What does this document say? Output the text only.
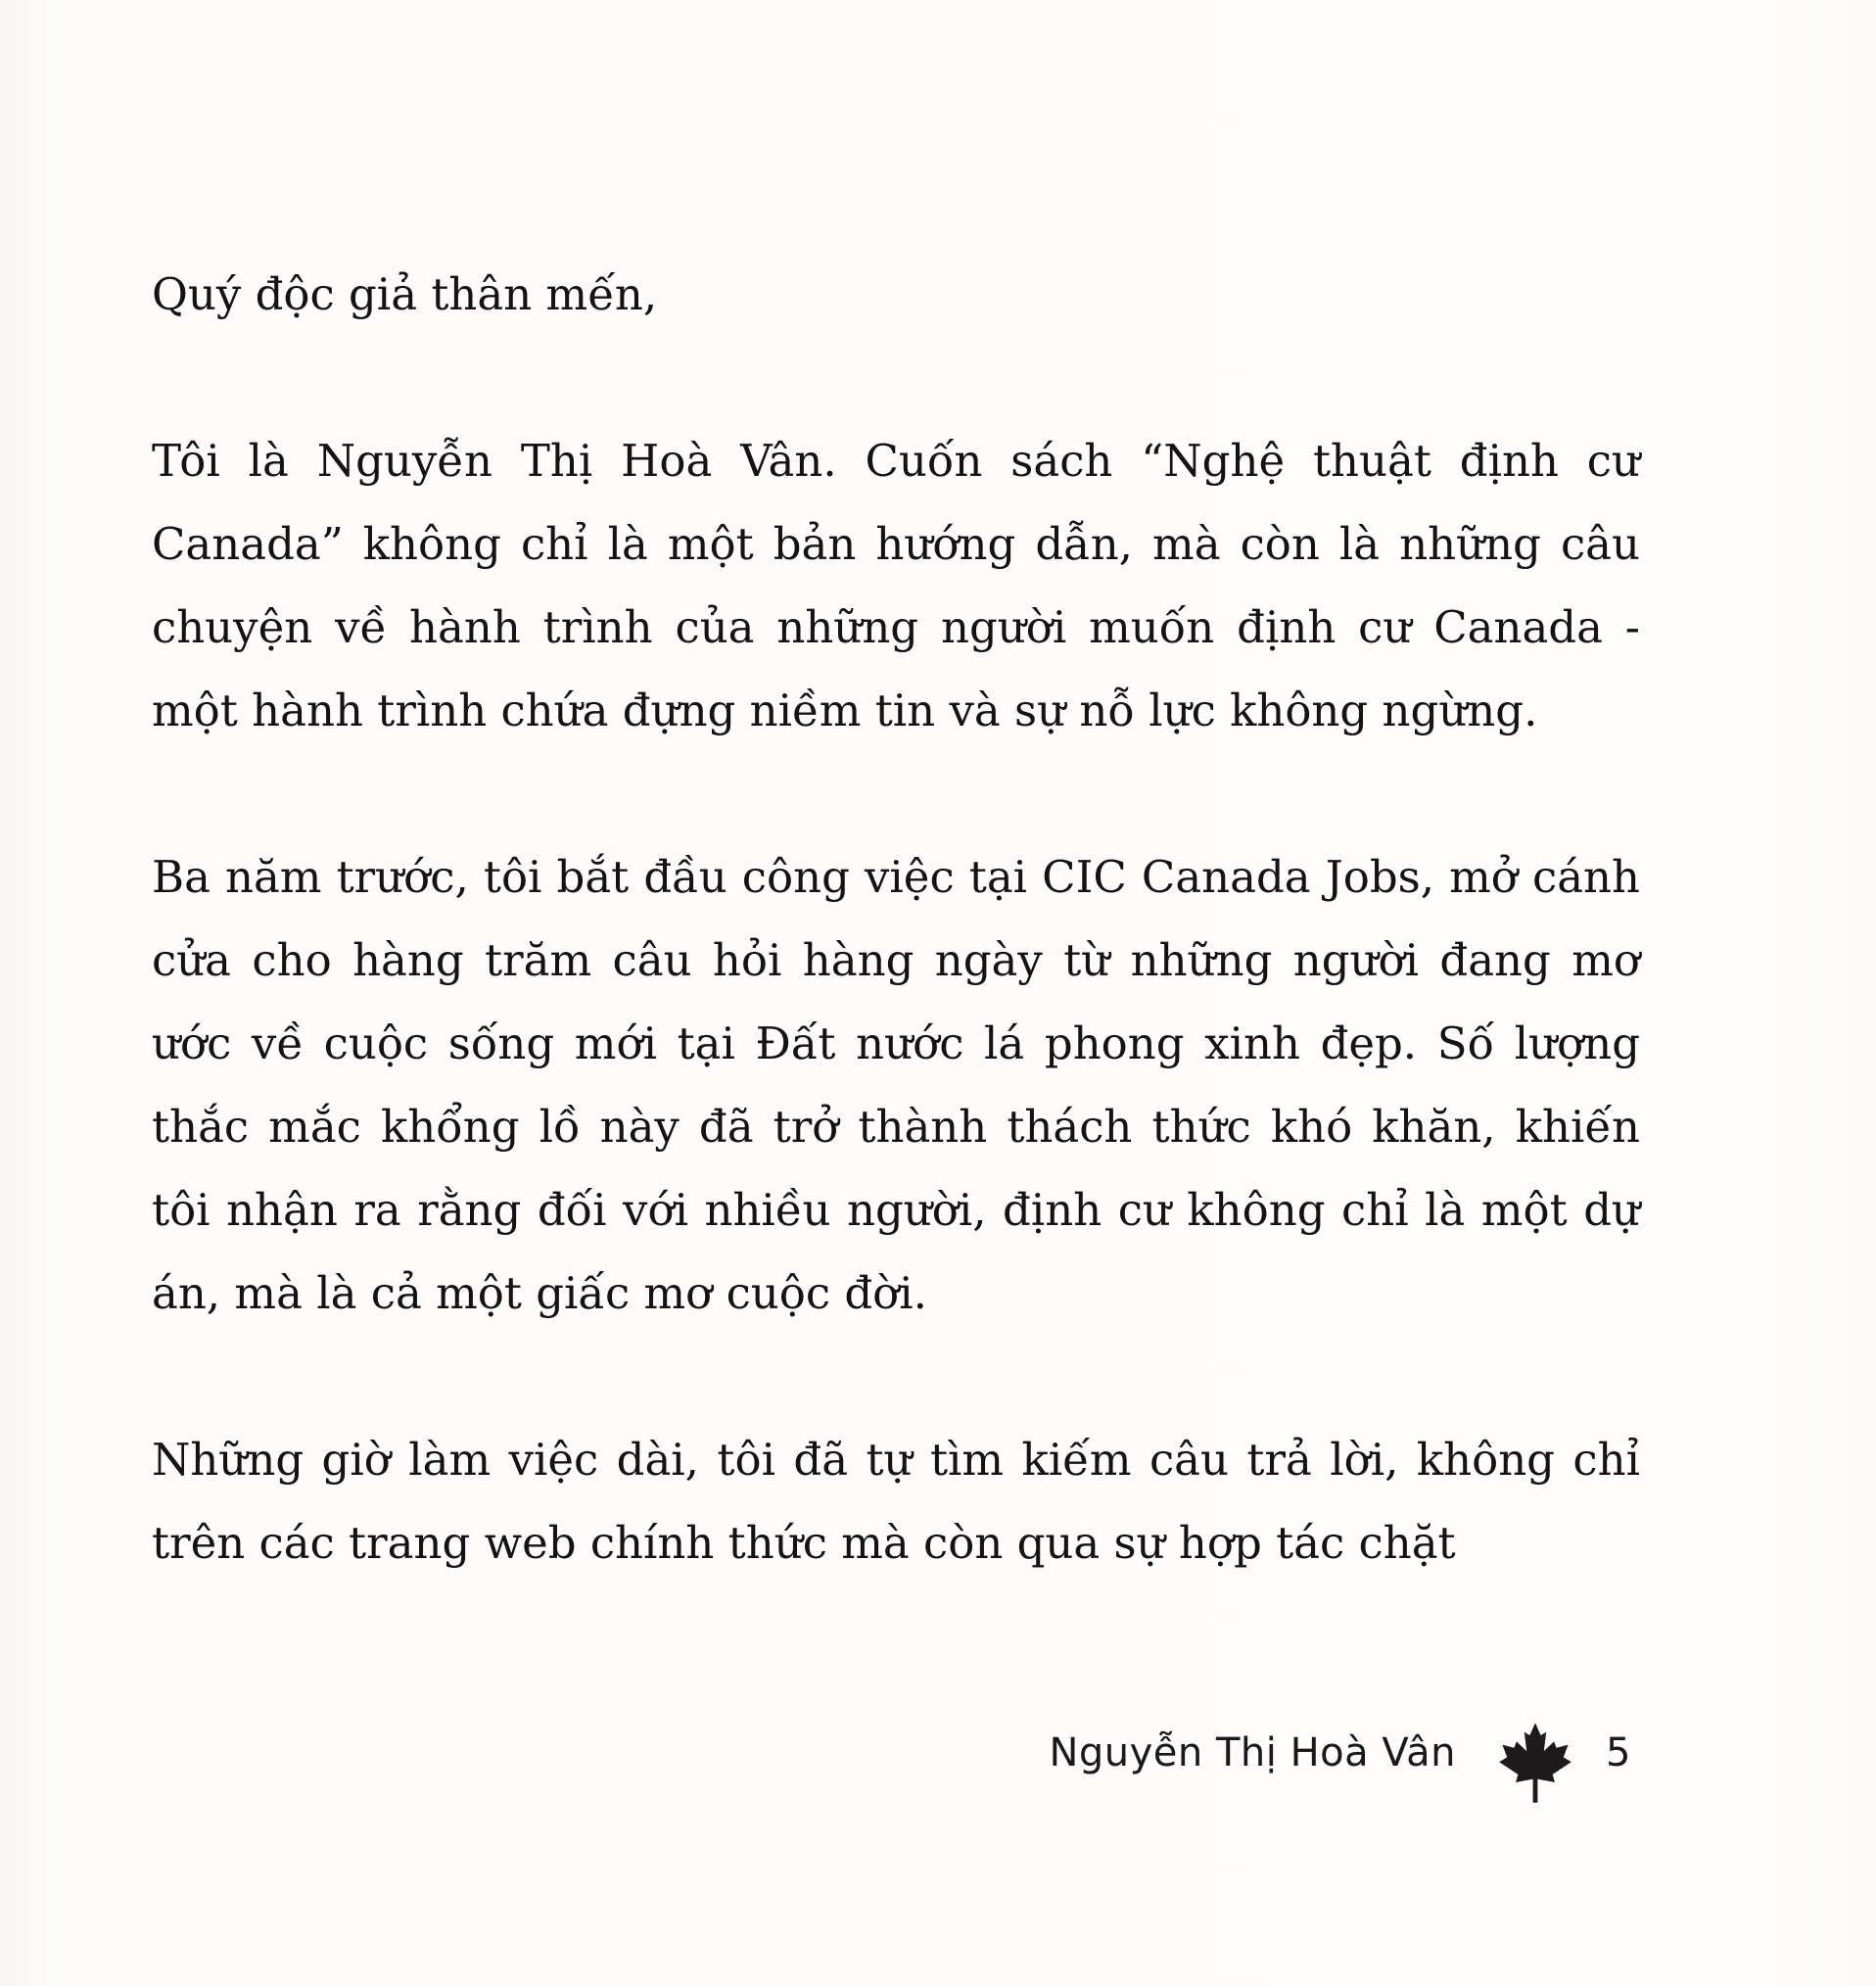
Quý độc giả thân mến,

Tôi là Nguyễn Thị Hoà Vân. Cuốn sách “Nghệ thuật định cư Canada” không chỉ là một bản hướng dẫn, mà còn là những câu chuyện về hành trình của những người muốn định cư Canada - một hành trình chứa đựng niềm tin và sự nỗ lực không ngừng.

Ba năm trước, tôi bắt đầu công việc tại CIC Canada Jobs, mở cánh cửa cho hàng trăm câu hỏi hàng ngày từ những người đang mơ ước về cuộc sống mới tại Đất nước lá phong xinh đẹp. Số lượng thắc mắc khổng lồ này đã trở thành thách thức khó khăn, khiến tôi nhận ra rằng đối với nhiều người, định cư không chỉ là một dự án, mà là cả một giấc mơ cuộc đời.

Những giờ làm việc dài, tôi đã tự tìm kiếm câu trả lời, không chỉ trên các trang web chính thức mà còn qua sự hợp tác chặt

Nguyễn Thị Hoà Vân	5
